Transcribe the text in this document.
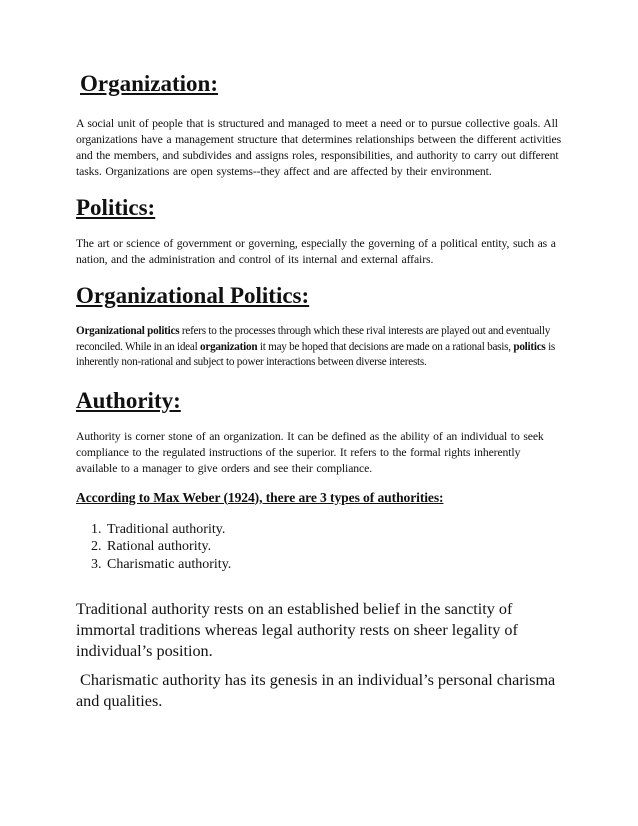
Organization:

A social unit of people that is structured and managed to meet a need or to pursue collective goals. All organizations have a management structure that determines relationships between the different activities and the members, and subdivides and assigns roles, responsibilities, and authority to carry out different tasks. Organizations are open systems--they affect and are affected by their environment.

Politics:

The art or science of government or governing, especially the governing of a political entity, such as a nation, and the administration and control of its internal and external affairs.

Organizational Politics:

Organizational politics refers to the processes through which these rival interests are played out and eventually reconciled. While in an ideal organization it may be hoped that decisions are made on a rational basis, politics is inherently non-rational and subject to power interactions between diverse interests.

Authority:

Authority is corner stone of an organization. It can be defined as the ability of an individual to seek compliance to the regulated instructions of the superior. It refers to the formal rights inherently available to a manager to give orders and see their compliance.

According to Max Weber (1924), there are 3 types of authorities:
1. Traditional authority.
2. Rational authority.
3. Charismatic authority.

Traditional authority rests on an established belief in the sanctity of immortal traditions whereas legal authority rests on sheer legality of individual’s position.

Charismatic authority has its genesis in an individual’s personal charisma and qualities.
